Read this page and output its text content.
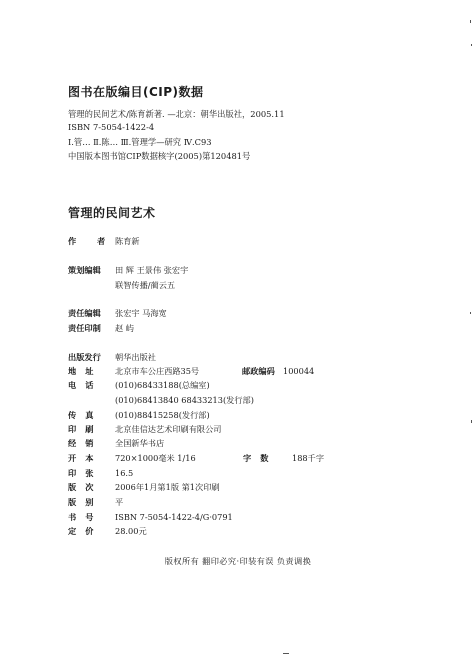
图书在版编目(CIP)数据
管理的民间艺术/陈育新著. —北京：朝华出版社，2005.11
ISBN 7-5054-1422-4
Ⅰ.管… Ⅱ.陈… Ⅲ.管理学—研究 Ⅳ.C93
中国版本图书馆CIP数据核字(2005)第120481号
管理的民间艺术
作 者 陈育新
策划编辑 田 辉 王景伟 张宏宇
联智传播/蔺云五
责任编辑 张宏宇 马海宽
责任印制 赵 屿
出版发行 朝华出版社
地址 北京市车公庄西路35号	邮政编码 100044
电话 (010)68433188(总编室)
(010)68413840 68433213(发行部)
传真 (010)88415258(发行部)
印刷 北京佳信达艺术印刷有限公司
经销 全国新华书店
开本 720×1000毫米 1/16	字数 188千字
印张 16.5
版次 2006年1月第1版 第1次印刷
版别 平
书号 ISBN 7-5054-1422-4/G·0791
定价 28.00元
版权所有 翻印必究·印装有误 负责调换
